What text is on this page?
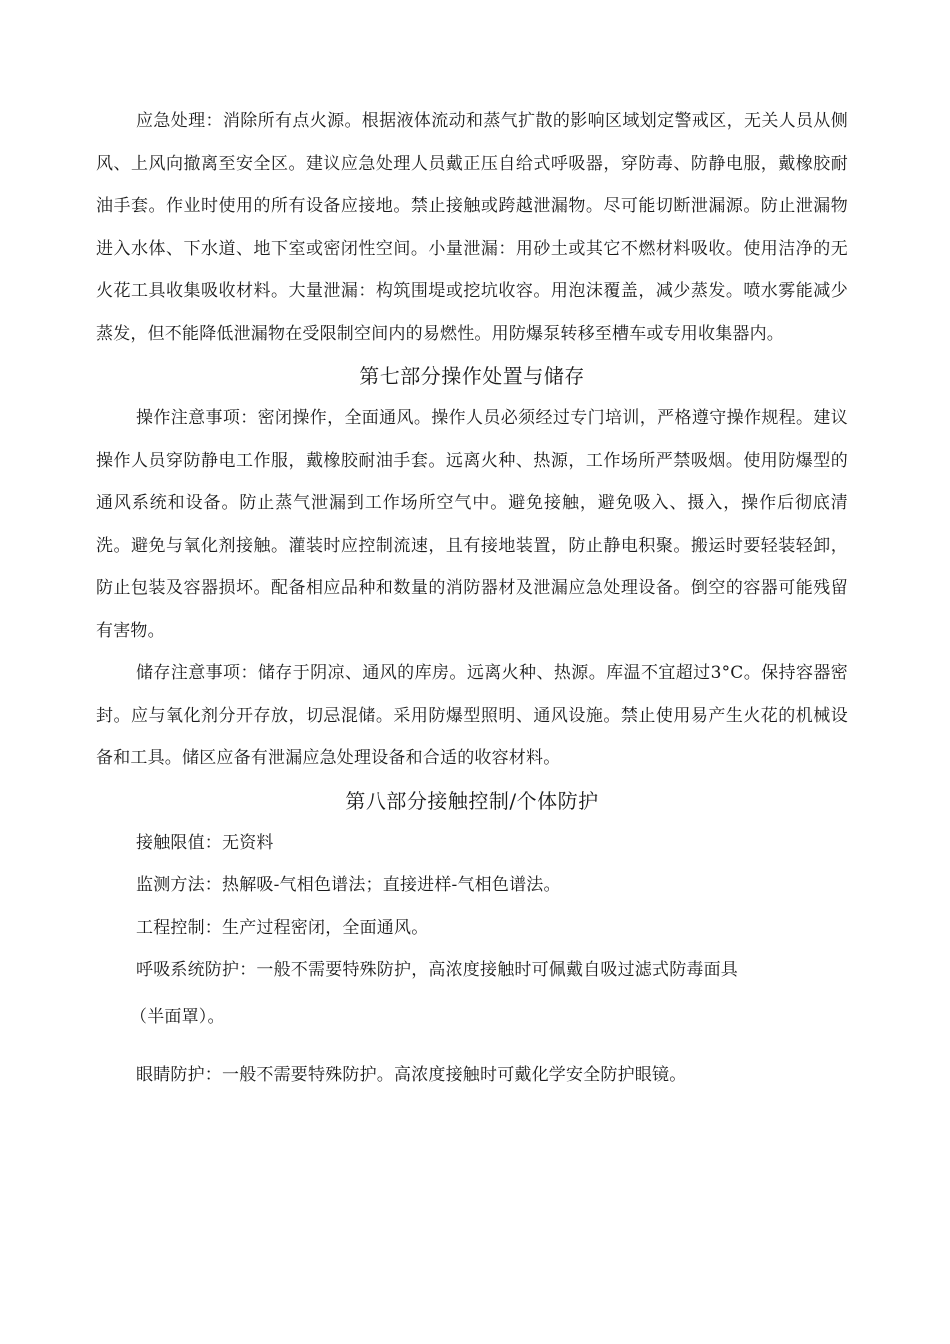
应急处理：消除所有点火源。根据液体流动和蒸气扩散的影响区域划定警戒区，无关人员从侧风、上风向撤离至安全区。建议应急处理人员戴正压自给式呼吸器，穿防毒、防静电服，戴橡胶耐油手套。作业时使用的所有设备应接地。禁止接触或跨越泄漏物。尽可能切断泄漏源。防止泄漏物进入水体、下水道、地下室或密闭性空间。小量泄漏：用砂土或其它不燃材料吸收。使用洁净的无火花工具收集吸收材料。大量泄漏：构筑围堤或挖坑收容。用泡沫覆盖，减少蒸发。喷水雾能减少蒸发，但不能降低泄漏物在受限制空间内的易燃性。用防爆泵转移至槽车或专用收集器内。

第七部分操作处置与储存

操作注意事项：密闭操作，全面通风。操作人员必须经过专门培训，严格遵守操作规程。建议操作人员穿防静电工作服，戴橡胶耐油手套。远离火种、热源，工作场所严禁吸烟。使用防爆型的通风系统和设备。防止蒸气泄漏到工作场所空气中。避免接触，避免吸入、摄入，操作后彻底清洗。避免与氧化剂接触。灌装时应控制流速，且有接地装置，防止静电积聚。搬运时要轻装轻卸，防止包装及容器损坏。配备相应品种和数量的消防器材及泄漏应急处理设备。倒空的容器可能残留有害物。

储存注意事项：储存于阴凉、通风的库房。远离火种、热源。库温不宜超过3°C。保持容器密封。应与氧化剂分开存放，切忌混储。采用防爆型照明、通风设施。禁止使用易产生火花的机械设备和工具。储区应备有泄漏应急处理设备和合适的收容材料。

第八部分接触控制/个体防护
接触限值：无资料
监测方法：热解吸-气相色谱法；直接进样-气相色谱法。
工程控制：生产过程密闭，全面通风。
呼吸系统防护：一般不需要特殊防护，高浓度接触时可佩戴自吸过滤式防毒面具
（半面罩）。
眼睛防护：一般不需要特殊防护。高浓度接触时可戴化学安全防护眼镜。
